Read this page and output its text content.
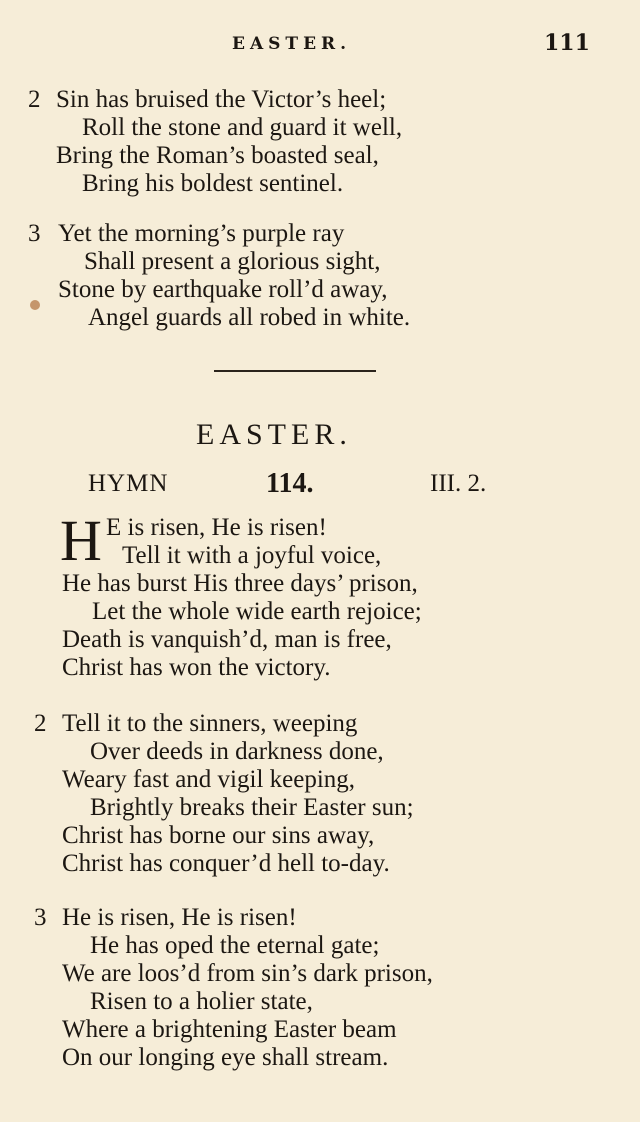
EASTER.	111
2 Sin has bruised the Victor’s heel;
Roll the stone and guard it well,
Bring the Roman’s boasted seal,
Bring his boldest sentinel.
3 Yet the morning’s purple ray
Shall present a glorious sight,
Stone by earthquake roll’d away,
Angel guards all robed in white.
EASTER.
HYMN	114.	III. 2.
H E is risen, He is risen!
Tell it with a joyful voice,
He has burst His three days’ prison,
Let the whole wide earth rejoice;
Death is vanquish’d, man is free,
Christ has won the victory.
2 Tell it to the sinners, weeping
Over deeds in darkness done,
Weary fast and vigil keeping,
Brightly breaks their Easter sun;
Christ has borne our sins away,
Christ has conquer’d hell to-day.
3 He is risen, He is risen!
He has oped the eternal gate;
We are loos’d from sin’s dark prison,
Risen to a holier state,
Where a brightening Easter beam
On our longing eye shall stream.
